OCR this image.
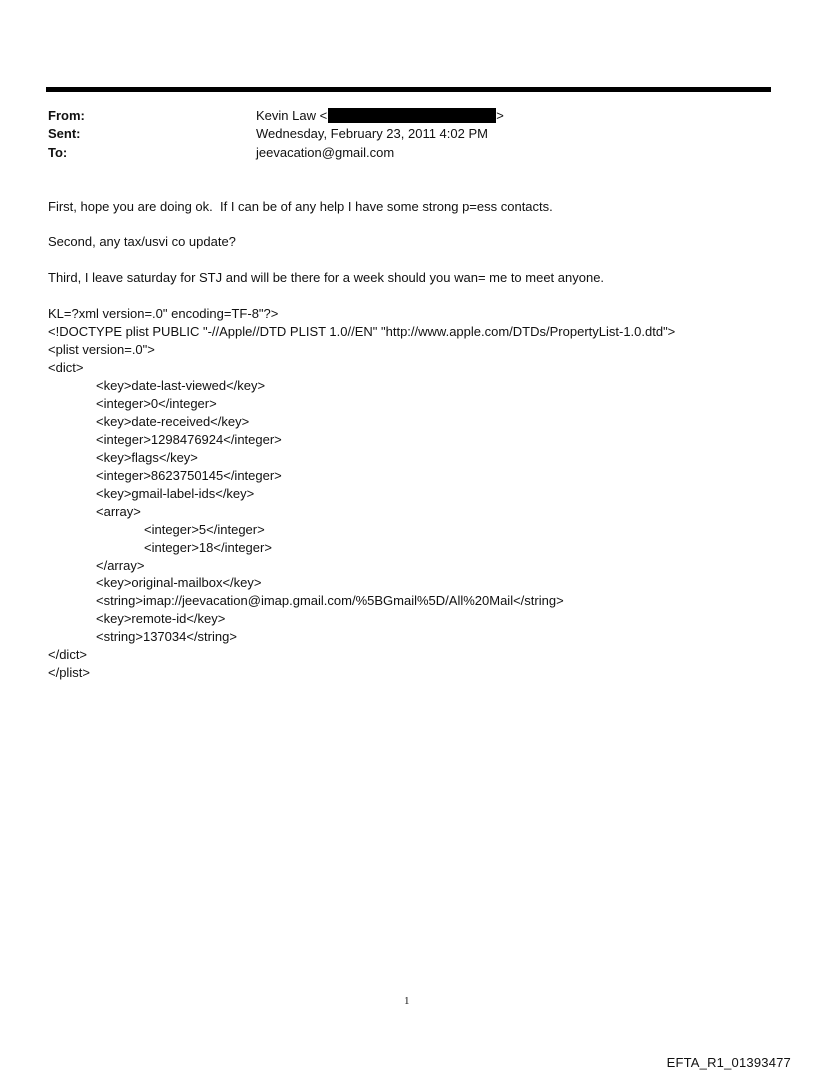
From:	Kevin Law <	>
Sent:	Wednesday, February 23, 2011 4:02 PM
To:	jeevacation@gmail.com
First, hope you are doing ok.  If I can be of any help I have some strong p=ess contacts.
Second, any tax/usvi co update?
Third, I leave saturday for STJ and will be there for a week should you wan= me to meet anyone.
KL=?xml version=.0" encoding=TF-8"?>
<!DOCTYPE plist PUBLIC "-//Apple//DTD PLIST 1.0//EN" "http://www.apple.com/DTDs/PropertyList-1.0.dtd">
<plist version=.0">
<dict>
<key>date-last-viewed</key>
<integer>0</integer>
<key>date-received</key>
<integer>1298476924</integer>
<key>flags</key>
<integer>8623750145</integer>
<key>gmail-label-ids</key>
<array>
<integer>5</integer>
<integer>18</integer>
</array>
<key>original-mailbox</key>
<string>imap://jeevacation@imap.gmail.com/%5BGmail%5D/All%20Mail</string>
<key>remote-id</key>
<string>137034</string>
</dict>
</plist>
1
EFTA_R1_01393477
